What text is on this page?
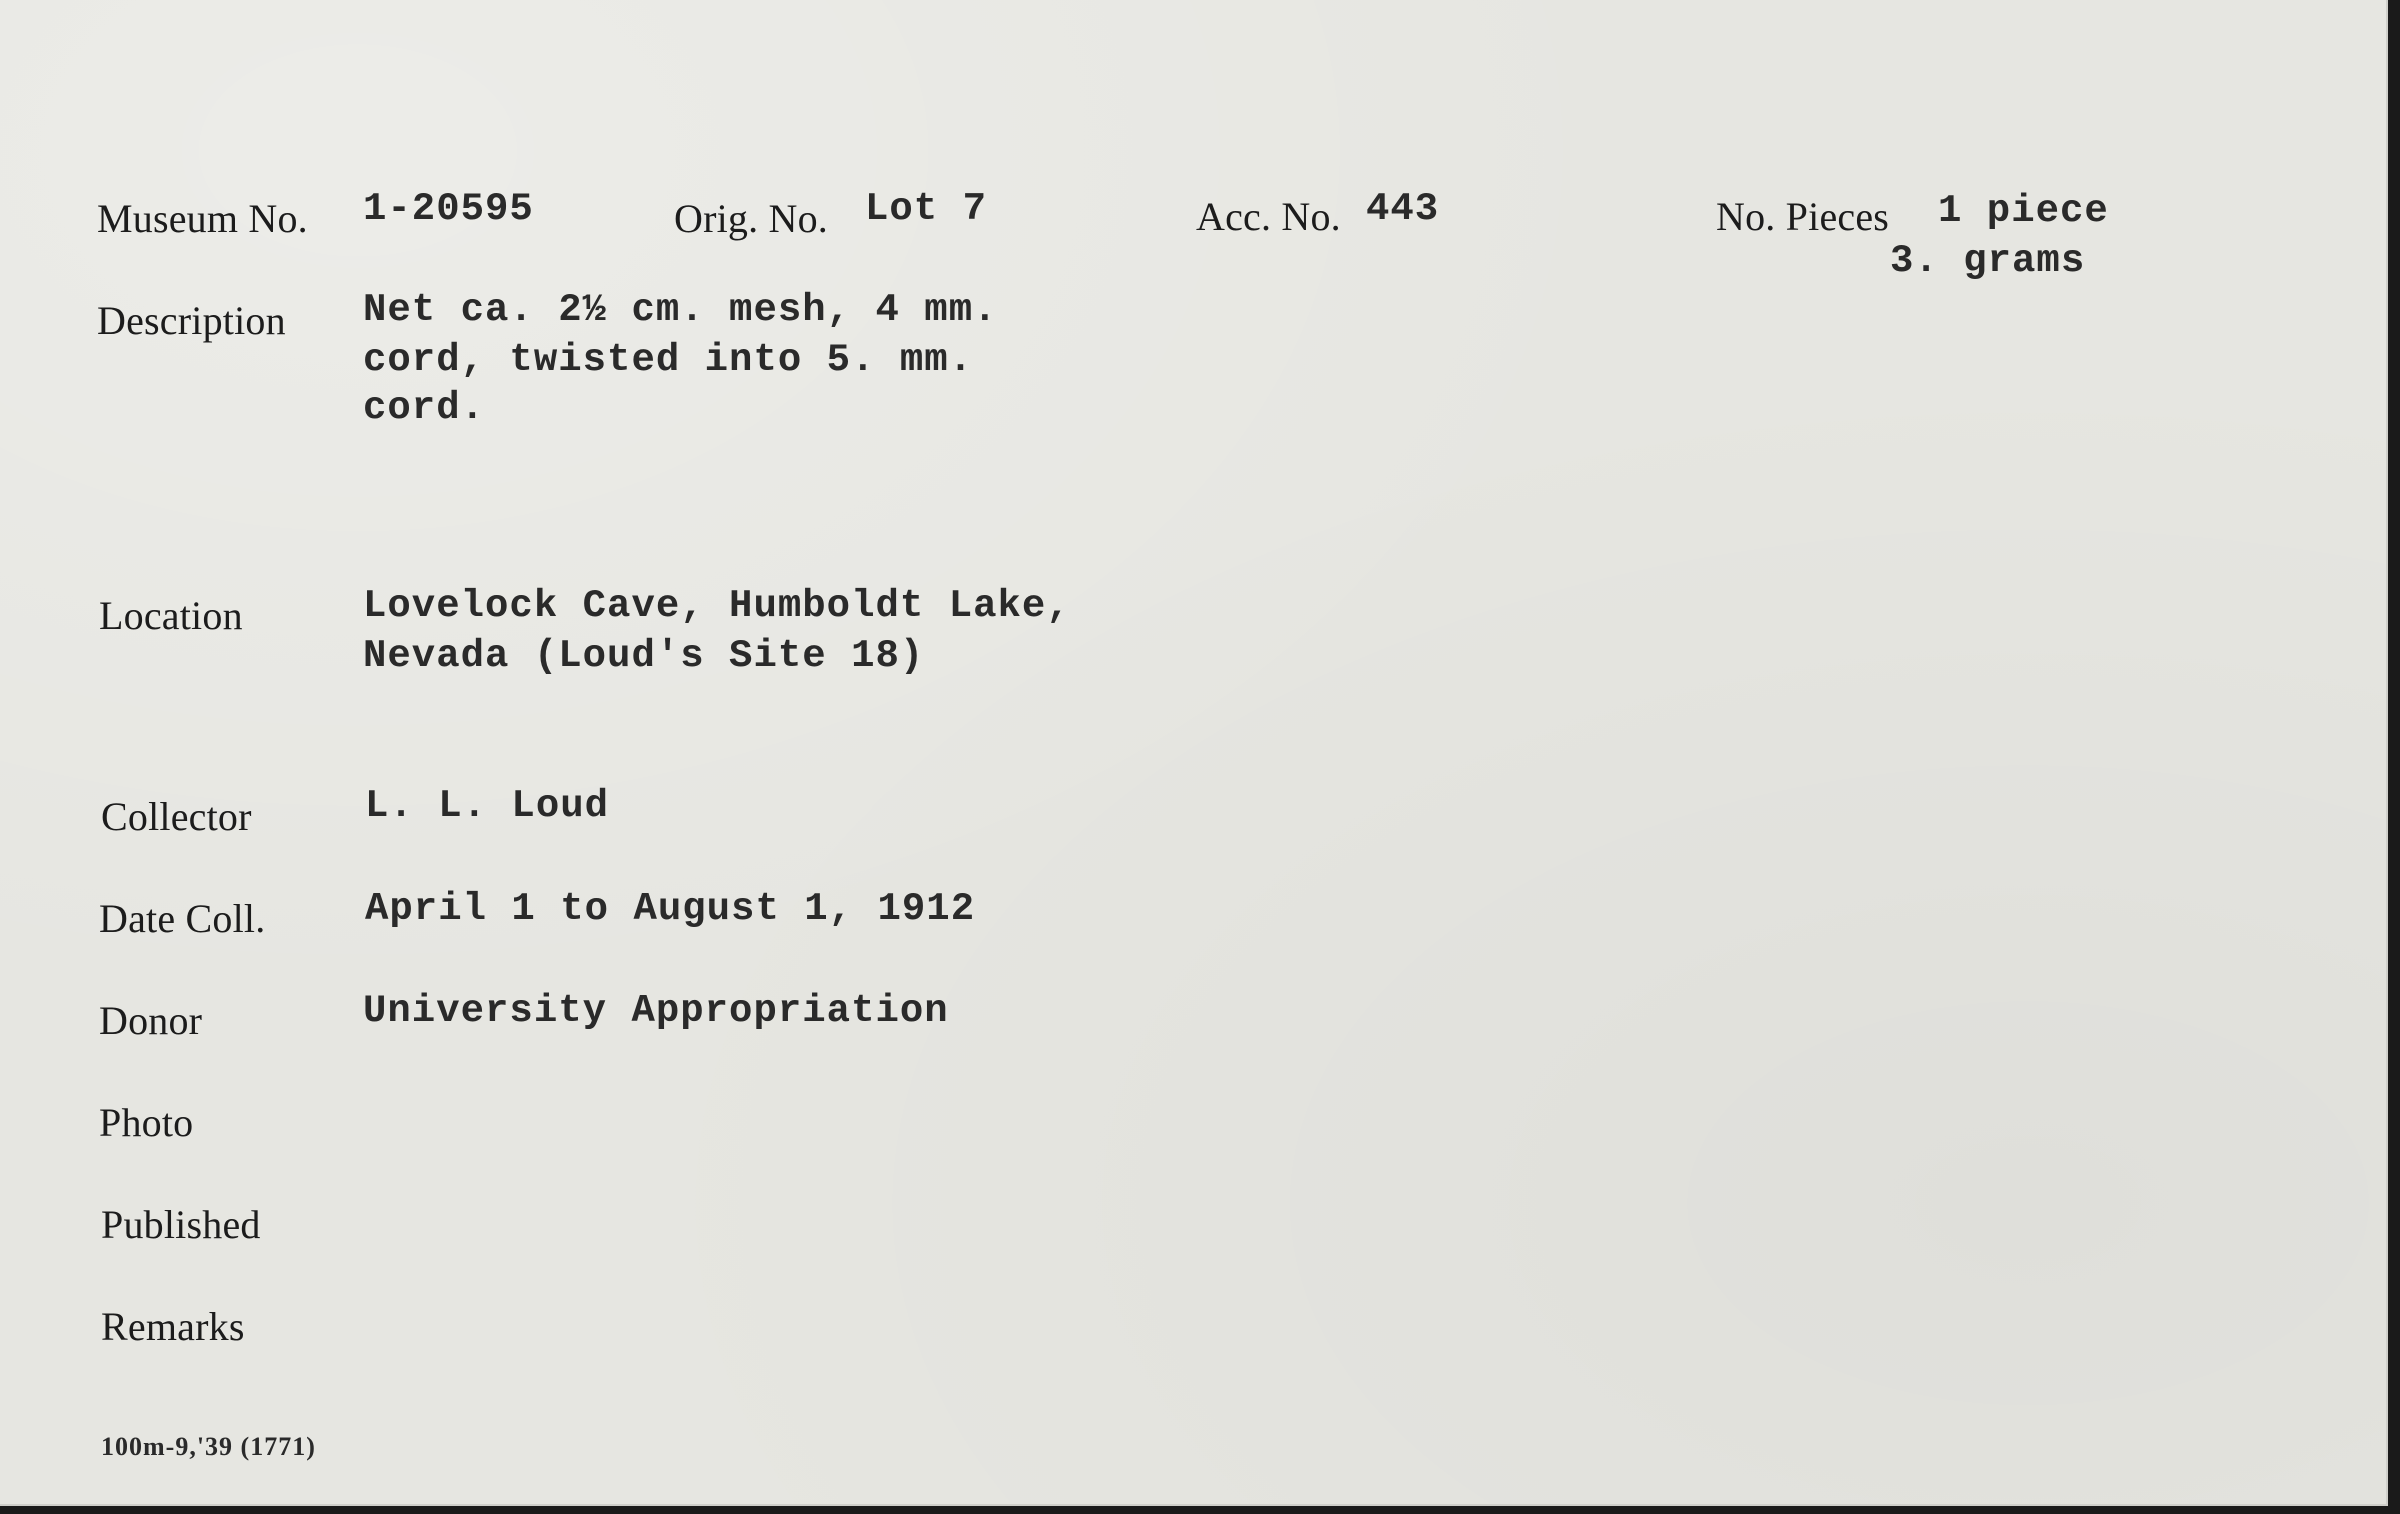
Museum No. 1-20595	Orig. No. Lot 7	Acc. No. 443	No. Pieces 1 piece
3. grams
Description Net ca. 2½ cm. mesh, 4 mm.
cord, twisted into 5. mm.
cord.
Location	Lovelock Cave, Humboldt Lake,
Nevada (Loud's Site 18)
Collector	L. L. Loud
Date Coll.	April 1 to August 1, 1912
Donor	University Appropriation
Photo
Published
Remarks
100m-9,'39 (1771)
